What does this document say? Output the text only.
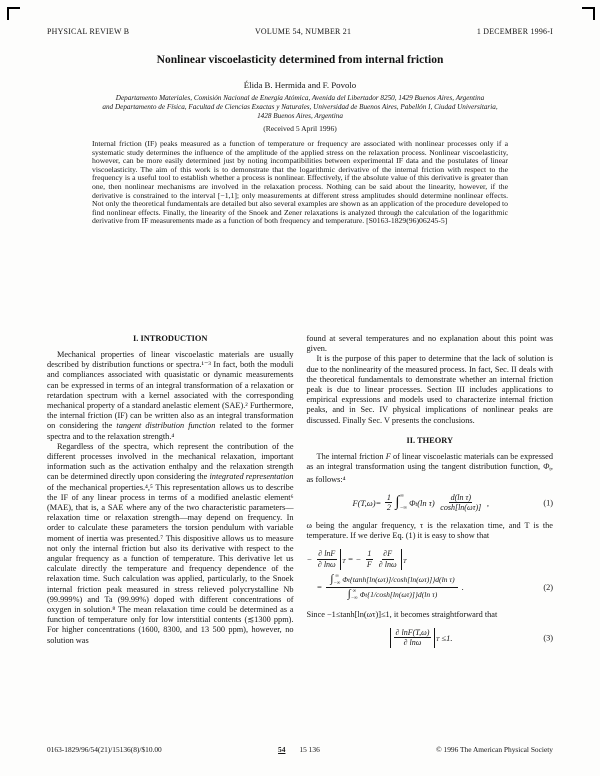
PHYSICAL REVIEW B	VOLUME 54, NUMBER 21	1 DECEMBER 1996-I
Nonlinear viscoelasticity determined from internal friction
Élida B. Hermida and F. Povolo
Departamento Materiales, Comisión Nacional de Energía Atómica, Avenida del Libertador 8250, 1429 Buenos Aires, Argentina
and Departamento de Física, Facultad de Ciencias Exactas y Naturales, Universidad de Buenos Aires, Pabellón I, Ciudad Universitaria,
1428 Buenos Aires, Argentina
(Received 5 April 1996)
Internal friction (IF) peaks measured as a function of temperature or frequency are associated with nonlinear processes only if a systematic study determines the influence of the amplitude of the applied stress on the relaxation process. Nonlinear viscoelasticity, however, can be more easily determined just by noting incompatibilities between experimental IF data and the postulates of linear viscoelasticity. The aim of this work is to demonstrate that the logarithmic derivative of the internal friction with respect to the frequency is a useful tool to establish whether a process is nonlinear. Effectively, if the absolute value of this derivative is greater than one, then nonlinear mechanisms are involved in the relaxation process. Nothing can be said about the linearity, however, if the derivative is constrained to the interval [−1,1]; only measurements at different stress amplitudes should determine nonlinear effects. Not only the theoretical fundamentals are detailed but also several examples are shown as an application of the procedure developed to find nonlinear effects. Finally, the linearity of the Snoek and Zener relaxations is analyzed through the calculation of the logarithmic derivative from IF measurements made as a function of both frequency and temperature. [S0163-1829(96)06245-5]
I. INTRODUCTION

Mechanical properties of linear viscoelastic materials are usually described by distribution functions or spectra.¹⁻³ In fact, both the moduli and compliances associated with quasistatic or dynamic measurements can be expressed in terms of an integral transformation of a relaxation or retardation spectrum with a kernel associated with the corresponding mechanical property of a standard anelastic element (SAE).² Furthermore, the internal friction (IF) can be written also as an integral transformation on considering the tangent distribution function related to the former spectra and to the relaxation strength.⁴

Regardless of the spectra, which represent the contribution of the different processes involved in the mechanical relaxation, important information such as the activation enthalpy and the relaxation strength can be determined directly upon considering the integrated representation of the mechanical properties.⁴,⁵ This representation allows us to describe the IF of any linear process in terms of a modified anelastic element⁶ (MAE), that is, a SAE where any of the two characteristic parameters—relaxation time or relaxation strength—may depend on frequency. In order to calculate these parameters the torsion pendulum with variable moment of inertia was presented.⁷ This dispositive allows us to measure not only the internal friction but also its derivative with respect to the angular frequency as a function of temperature. This derivative let us calculate directly the temperature and frequency dependence of the relaxation time. Such calculation was applied, particularly, to the Snoek internal friction peak measured in stress relieved polycrystalline Nb (99.999%) and Ta (99.99%) doped with different concentrations of oxygen in solution.⁸ The mean relaxation time could be determined as a function of temperature only for low interstitial contents (≲1300 ppm). For higher concentrations (1600, 8300, and 13 500 ppm), however, no solution was

found at several temperatures and no explanation about this point was given.

It is the purpose of this paper to determine that the lack of solution is due to the nonlinearity of the measured process. In fact, Sec. II deals with the theoretical fundamentals to demonstrate whether an internal friction peak is due to linear processes. Section III includes applications to empirical expressions and models used to characterize internal friction peaks, and in Sec. IV physical implications of nonlinear peaks are discussed. Finally Sec. V presents the conclusions.

II. THEORY

The internal friction F of linear viscoelastic materials can be expressed as an integral transformation using the tangent distribution function, $\Phi_t$, as follows:⁴

$F(T,\omega)= \frac{1}{2}$ ∫ ∞
−∞ Φ t (ln $\tau) \frac{\text{d(ln τ)}}{\cosh[\ln(\omega\tau)]}$ ,	(1)

ω being the angular frequency, τ is the relaxation time, and T is the temperature. If we derive Eq. (1) it is easy to show that

− $\frac{\partial \ln F}{\partial \ln\omega}$ T = − $\frac{1}{F} \frac{\partial F}{\partial \ln\omega}$ T
= ∫ ∞
−∞ Φ t {tanh[ln(ωτ)]/cosh[ln(ωτ)]}d(ln τ)
∫ ∞
−∞ Φ t {1/cosh[ln(ωτ)]}d(ln τ) .	(2)

Since −1≤tanh[ln(ωτ)]≤1, it becomes straightforward that

$\frac{\partial \ln F(T,\omega)}{\partial \ln\omega}$ T ≤1.	(3)
0163-1829/96/54(21)/15136(8)/$10.00	54 15 136	© 1996 The American Physical Society
